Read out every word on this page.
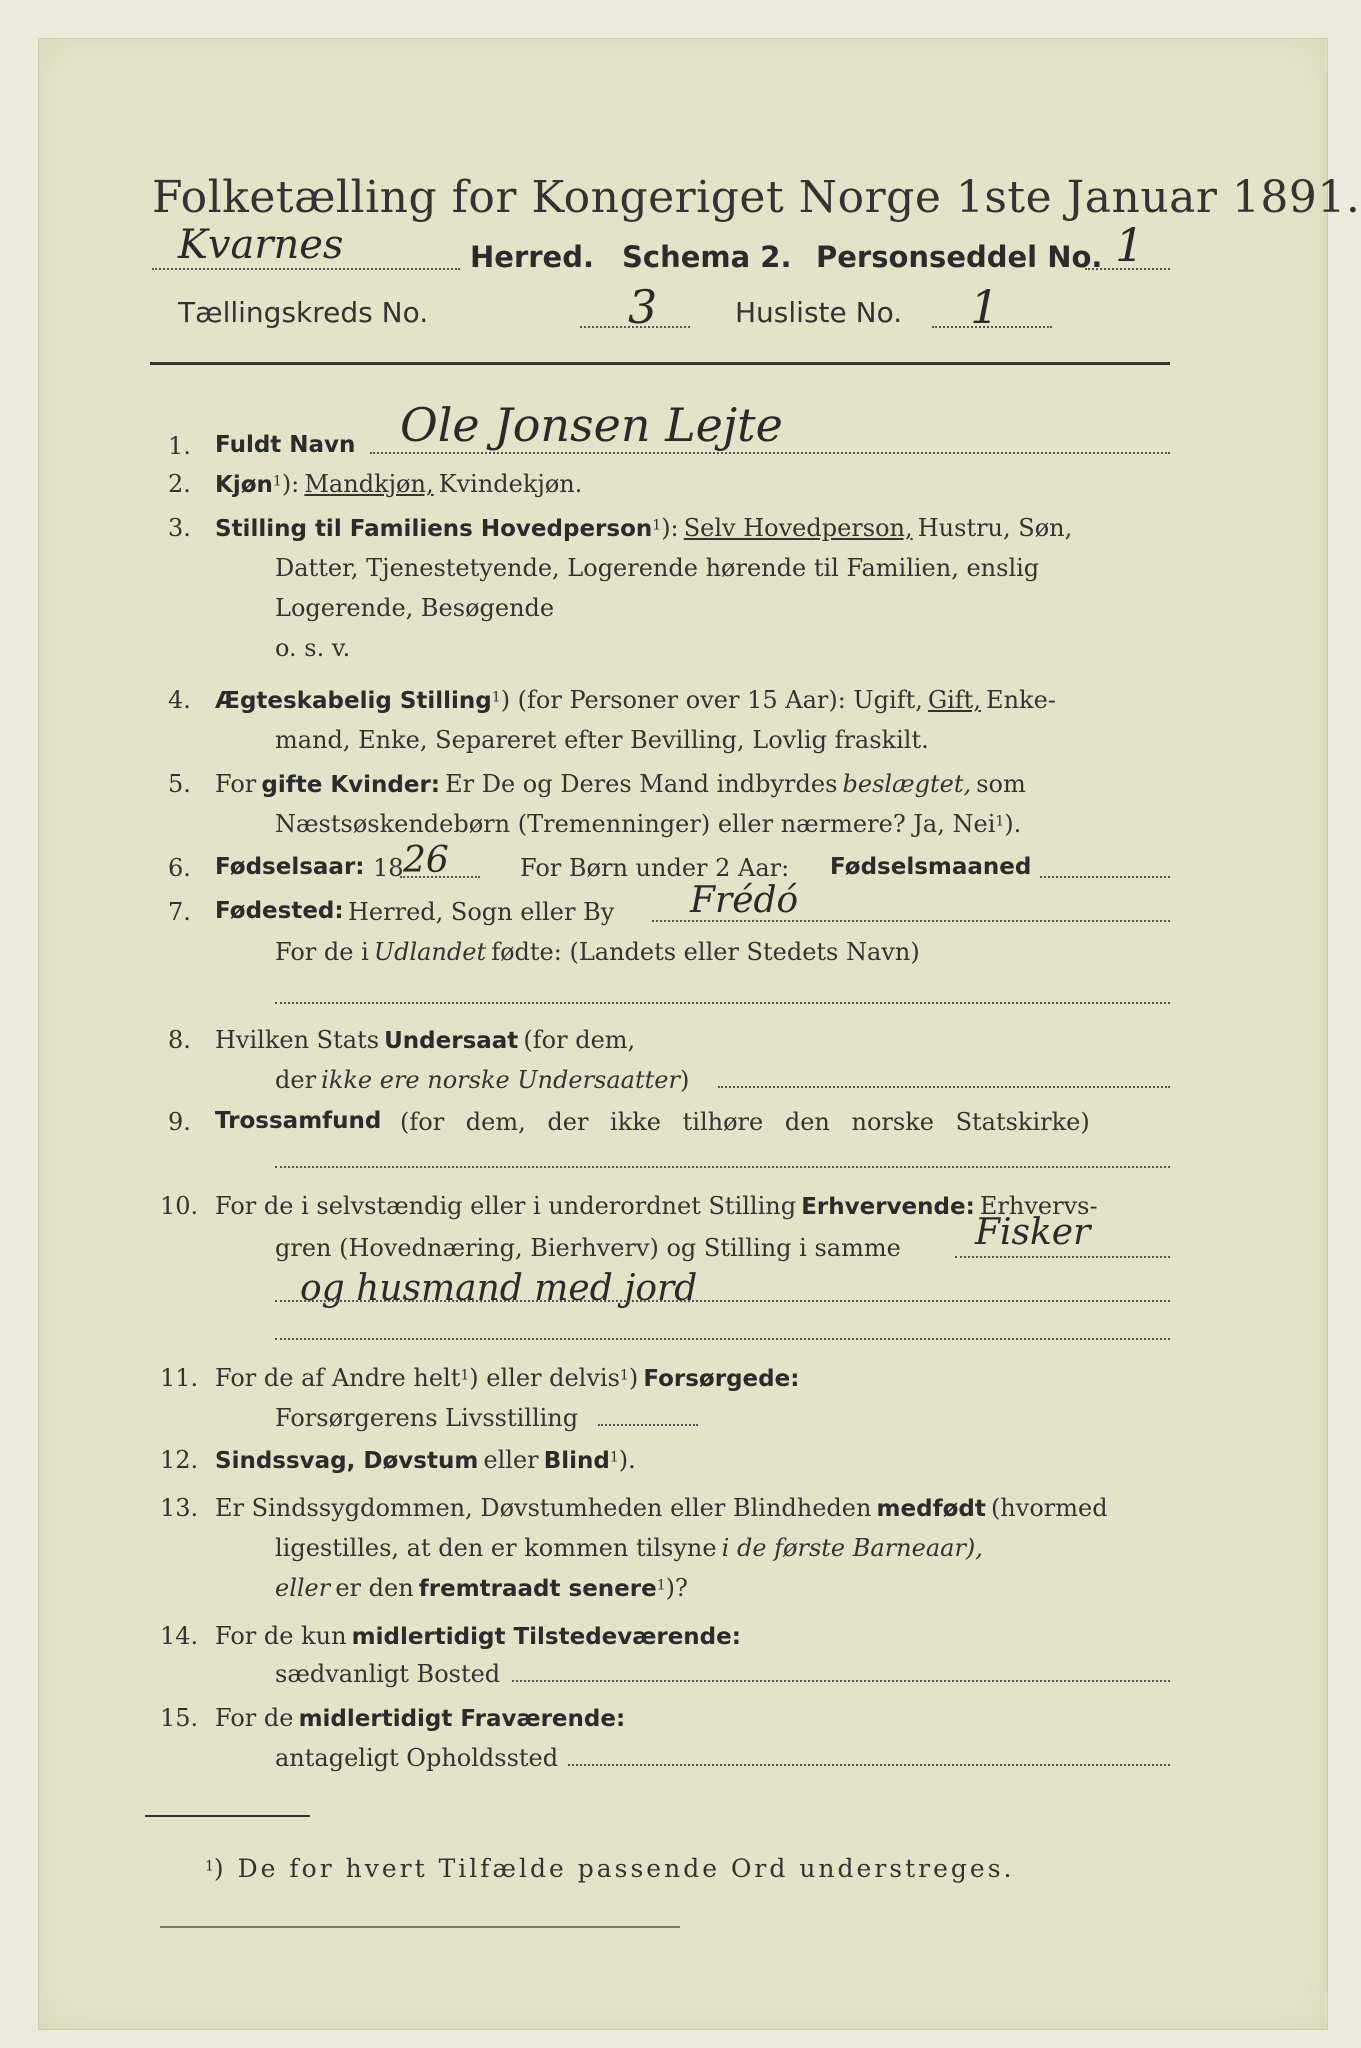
Folketælling for Kongeriget Norge 1ste Januar 1891.
Kvarnes	Herred. Schema 2. Personseddel No. 1
Tællingskreds No.	3	Husliste No. 1
1. Fuldt Navn Ole Jonsen Lejte
2. Kjøn$^1$): Mandkjøn, Kvindekjøn.
3. Stilling til Familiens Hovedperson$^1$): Selv Hovedperson, Hustru, Søn,
Datter, Tjenestetyende, Logerende hørende til Familien, enslig
Logerende, Besøgende
o. s. v.
4. Ægteskabelig Stilling$^1$) (for Personer over 15 Aar): Ugift, Gift, Enke-
mand, Enke, Separeret efter Bevilling, Lovlig fraskilt.
5. For gifte Kvinder: Er De og Deres Mand indbyrdes beslægtet, som
Næstsøskendebørn (Tremenninger) eller nærmere? Ja, Nei$^1$).
6. Fødselsaar: 18 26	For Børn under 2 Aar: Fødselsmaaned
7. Fødested: Herred, Sogn eller By Frédó
For de i Udlandet fødte: (Landets eller Stedets Navn)
8. Hvilken Stats Undersaat (for dem,
der ikke ere norske Undersaatter)
9. Trossamfund (for dem, der ikke tilhøre den norske Statskirke)
10. For de i selvstændig eller i underordnet Stilling Erhvervende: Erhvervs-
gren (Hovednæring, Bierhverv) og Stilling i samme Fisker
og husmand med jord
11. For de af Andre helt$^1$) eller delvis$^1$) Forsørgede:
Forsørgerens Livsstilling
12. Sindssvag, Døvstum eller Blind$^1$).
13. Er Sindssygdommen, Døvstumheden eller Blindheden medfødt (hvormed
ligestilles, at den er kommen tilsyne i de første Barneaar),
eller er den fremtraadt senere$^1$)?
14. For de kun midlertidigt Tilstedeværende:
sædvanligt Bosted
15. For de midlertidigt Fraværende:
antageligt Opholdssted
$^1$) De for hvert Tilfælde passende Ord understreges.
